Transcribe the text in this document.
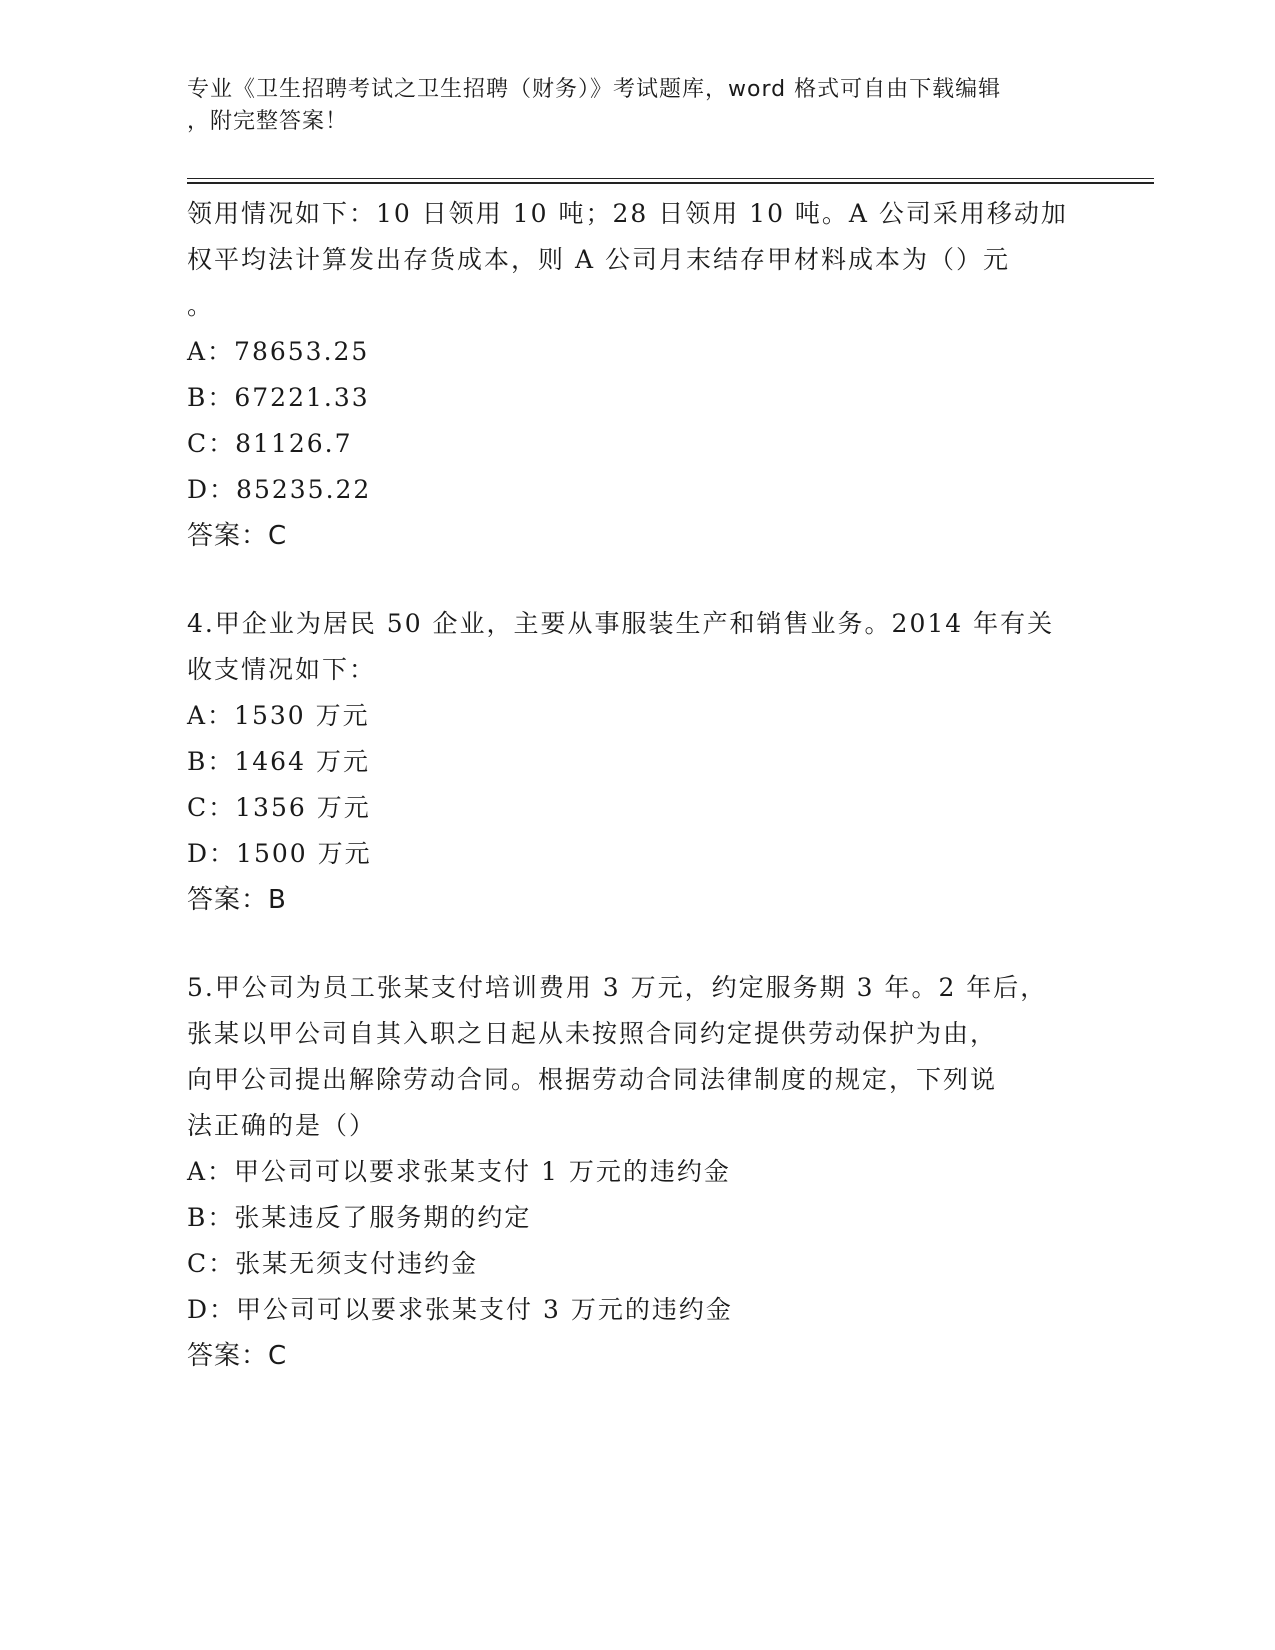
专业《卫生招聘考试之卫生招聘（财务）》考试题库，word 格式可自由下载编辑
，附完整答案！
领用情况如下：10 日领用 10 吨；28 日领用 10 吨。A 公司采用移动加
权平均法计算发出存货成本，则 A 公司月末结存甲材料成本为（）元
。
A：78653.25
B：67221.33
C：81126.7
D：85235.22
答案：C
4.甲企业为居民 50 企业，主要从事服装生产和销售业务。2014 年有关
收支情况如下：
A：1530 万元
B：1464 万元
C：1356 万元
D：1500 万元
答案：B
5.甲公司为员工张某支付培训费用 3 万元，约定服务期 3 年。2 年后，
张某以甲公司自其入职之日起从未按照合同约定提供劳动保护为由，
向甲公司提出解除劳动合同。根据劳动合同法律制度的规定，下列说
法正确的是（）
A：甲公司可以要求张某支付 1 万元的违约金
B：张某违反了服务期的约定
C：张某无须支付违约金
D：甲公司可以要求张某支付 3 万元的违约金
答案：C
